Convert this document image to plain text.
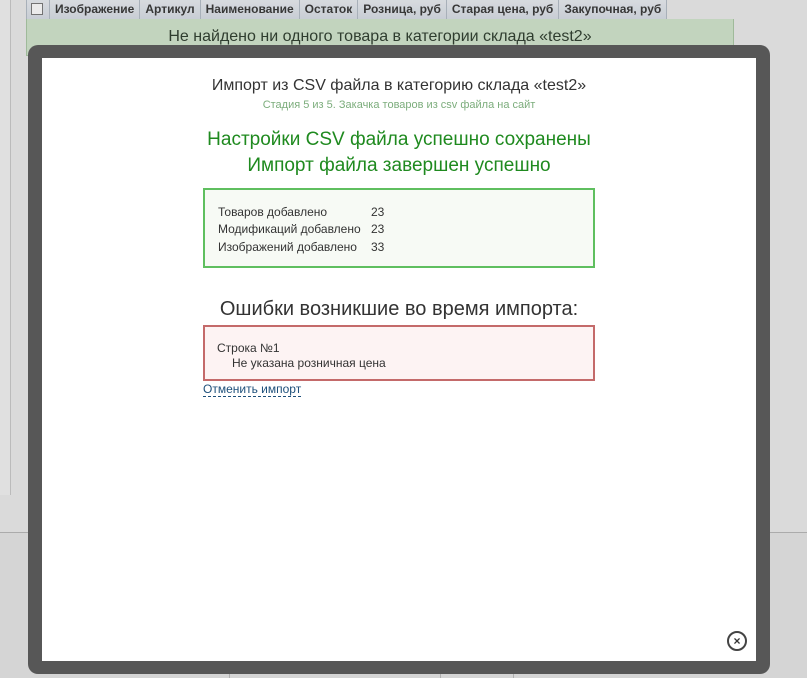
Изображение Артикул Наименование Остаток Розница, руб Старая цена, руб Закупочная, руб
Не найдено ни одного товара в категории склада «test2»
Импорт из CSV файла в категорию склада «test2»
Стадия 5 из 5. Закачка товаров из csv файла на сайт
Настройки CSV файла успешно сохранены
Импорт файла завершен успешно
Товаров добавлено	23
Модификаций добавлено 23
Изображений добавлено 33
Ошибки возникшие во время импорта:
Строка №1
Не указана розничная цена
Отменить импорт
×
